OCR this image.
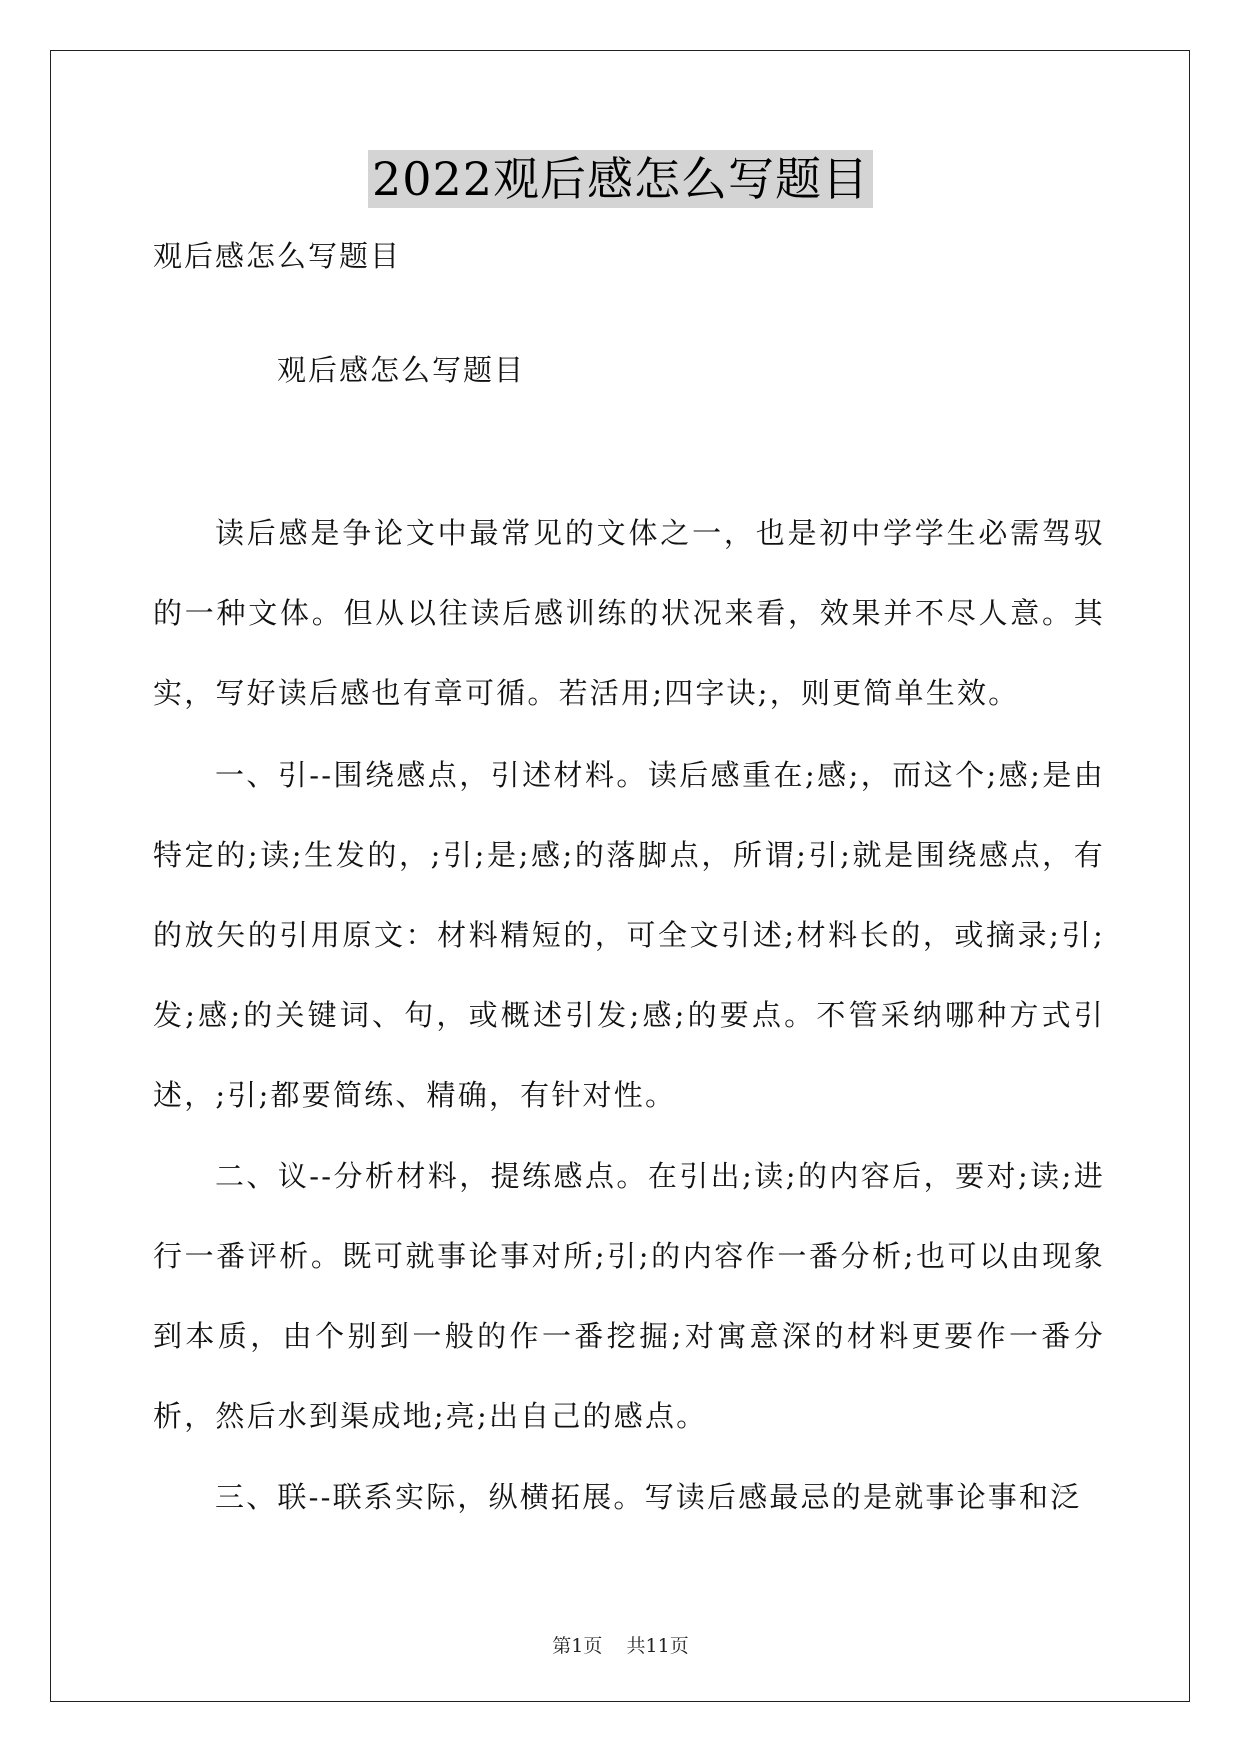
2022观后感怎么写题目
观后感怎么写题目
观后感怎么写题目

读后感是争论文中最常见的文体之一，也是初中学学生必需驾驭的一种文体。但从以往读后感训练的状况来看，效果并不尽人意。其实，写好读后感也有章可循。若活用;四字诀;，则更简单生效。

一、引--围绕感点，引述材料。读后感重在;感;，而这个;感;是由特定的;读;生发的，;引;是;感;的落脚点，所谓;引;就是围绕感点，有的放矢的引用原文：材料精短的，可全文引述;材料长的，或摘录;引;发;感;的关键词、句，或概述引发;感;的要点。不管采纳哪种方式引述，;引;都要简练、精确，有针对性。

二、议--分析材料，提练感点。在引出;读;的内容后，要对;读;进行一番评析。既可就事论事对所;引;的内容作一番分析;也可以由现象到本质，由个别到一般的作一番挖掘;对寓意深的材料更要作一番分析，然后水到渠成地;亮;出自己的感点。

三、联--联系实际，纵横拓展。写读后感最忌的是就事论事和泛

第1页    共11页
